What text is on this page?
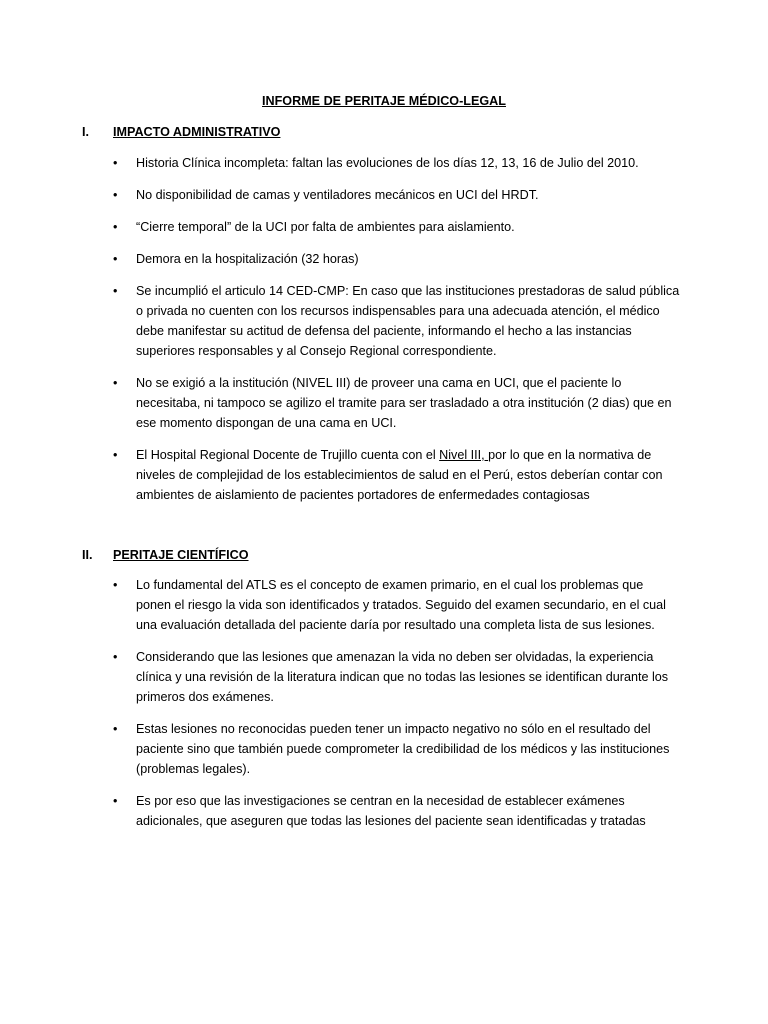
INFORME DE PERITAJE MÉDICO-LEGAL
I. IMPACTO ADMINISTRATIVO
• Historia Clínica incompleta: faltan las evoluciones de los días 12, 13, 16 de Julio del 2010.
• No disponibilidad de camas y ventiladores mecánicos en UCI del HRDT.
• “Cierre temporal” de la UCI por falta de ambientes para aislamiento.
• Demora en la hospitalización (32 horas)
• Se incumplió el articulo 14 CED-CMP: En caso que las instituciones prestadoras de salud pública o privada no cuenten con los recursos indispensables para una adecuada atención, el médico debe manifestar su actitud de defensa del paciente, informando el hecho a las instancias superiores responsables y al Consejo Regional correspondiente.
• No se exigió a la institución (NIVEL III) de proveer una cama en UCI, que el paciente lo necesitaba, ni tampoco se agilizo el tramite para ser trasladado a otra institución (2 dias) que en ese momento dispongan de una cama en UCI.
• El Hospital Regional Docente de Trujillo cuenta con el Nivel III, por lo que en la normativa de niveles de complejidad de los establecimientos de salud en el Perú, estos deberían contar con ambientes de aislamiento de pacientes portadores de enfermedades contagiosas
II. PERITAJE CIENTÍFICO
• Lo fundamental del ATLS es el concepto de examen primario, en el cual los problemas que ponen el riesgo la vida son identificados y tratados. Seguido del examen secundario, en el cual una evaluación detallada del paciente daría por resultado una completa lista de sus lesiones.
• Considerando que las lesiones que amenazan la vida no deben ser olvidadas, la experiencia clínica y una revisión de la literatura indican que no todas las lesiones se identifican durante los primeros dos exámenes.
• Estas lesiones no reconocidas pueden tener un impacto negativo no sólo en el resultado del paciente sino que también puede comprometer la credibilidad de los médicos y las instituciones (problemas legales).
• Es por eso que las investigaciones se centran en la necesidad de establecer exámenes adicionales, que aseguren que todas las lesiones del paciente sean identificadas y tratadas
